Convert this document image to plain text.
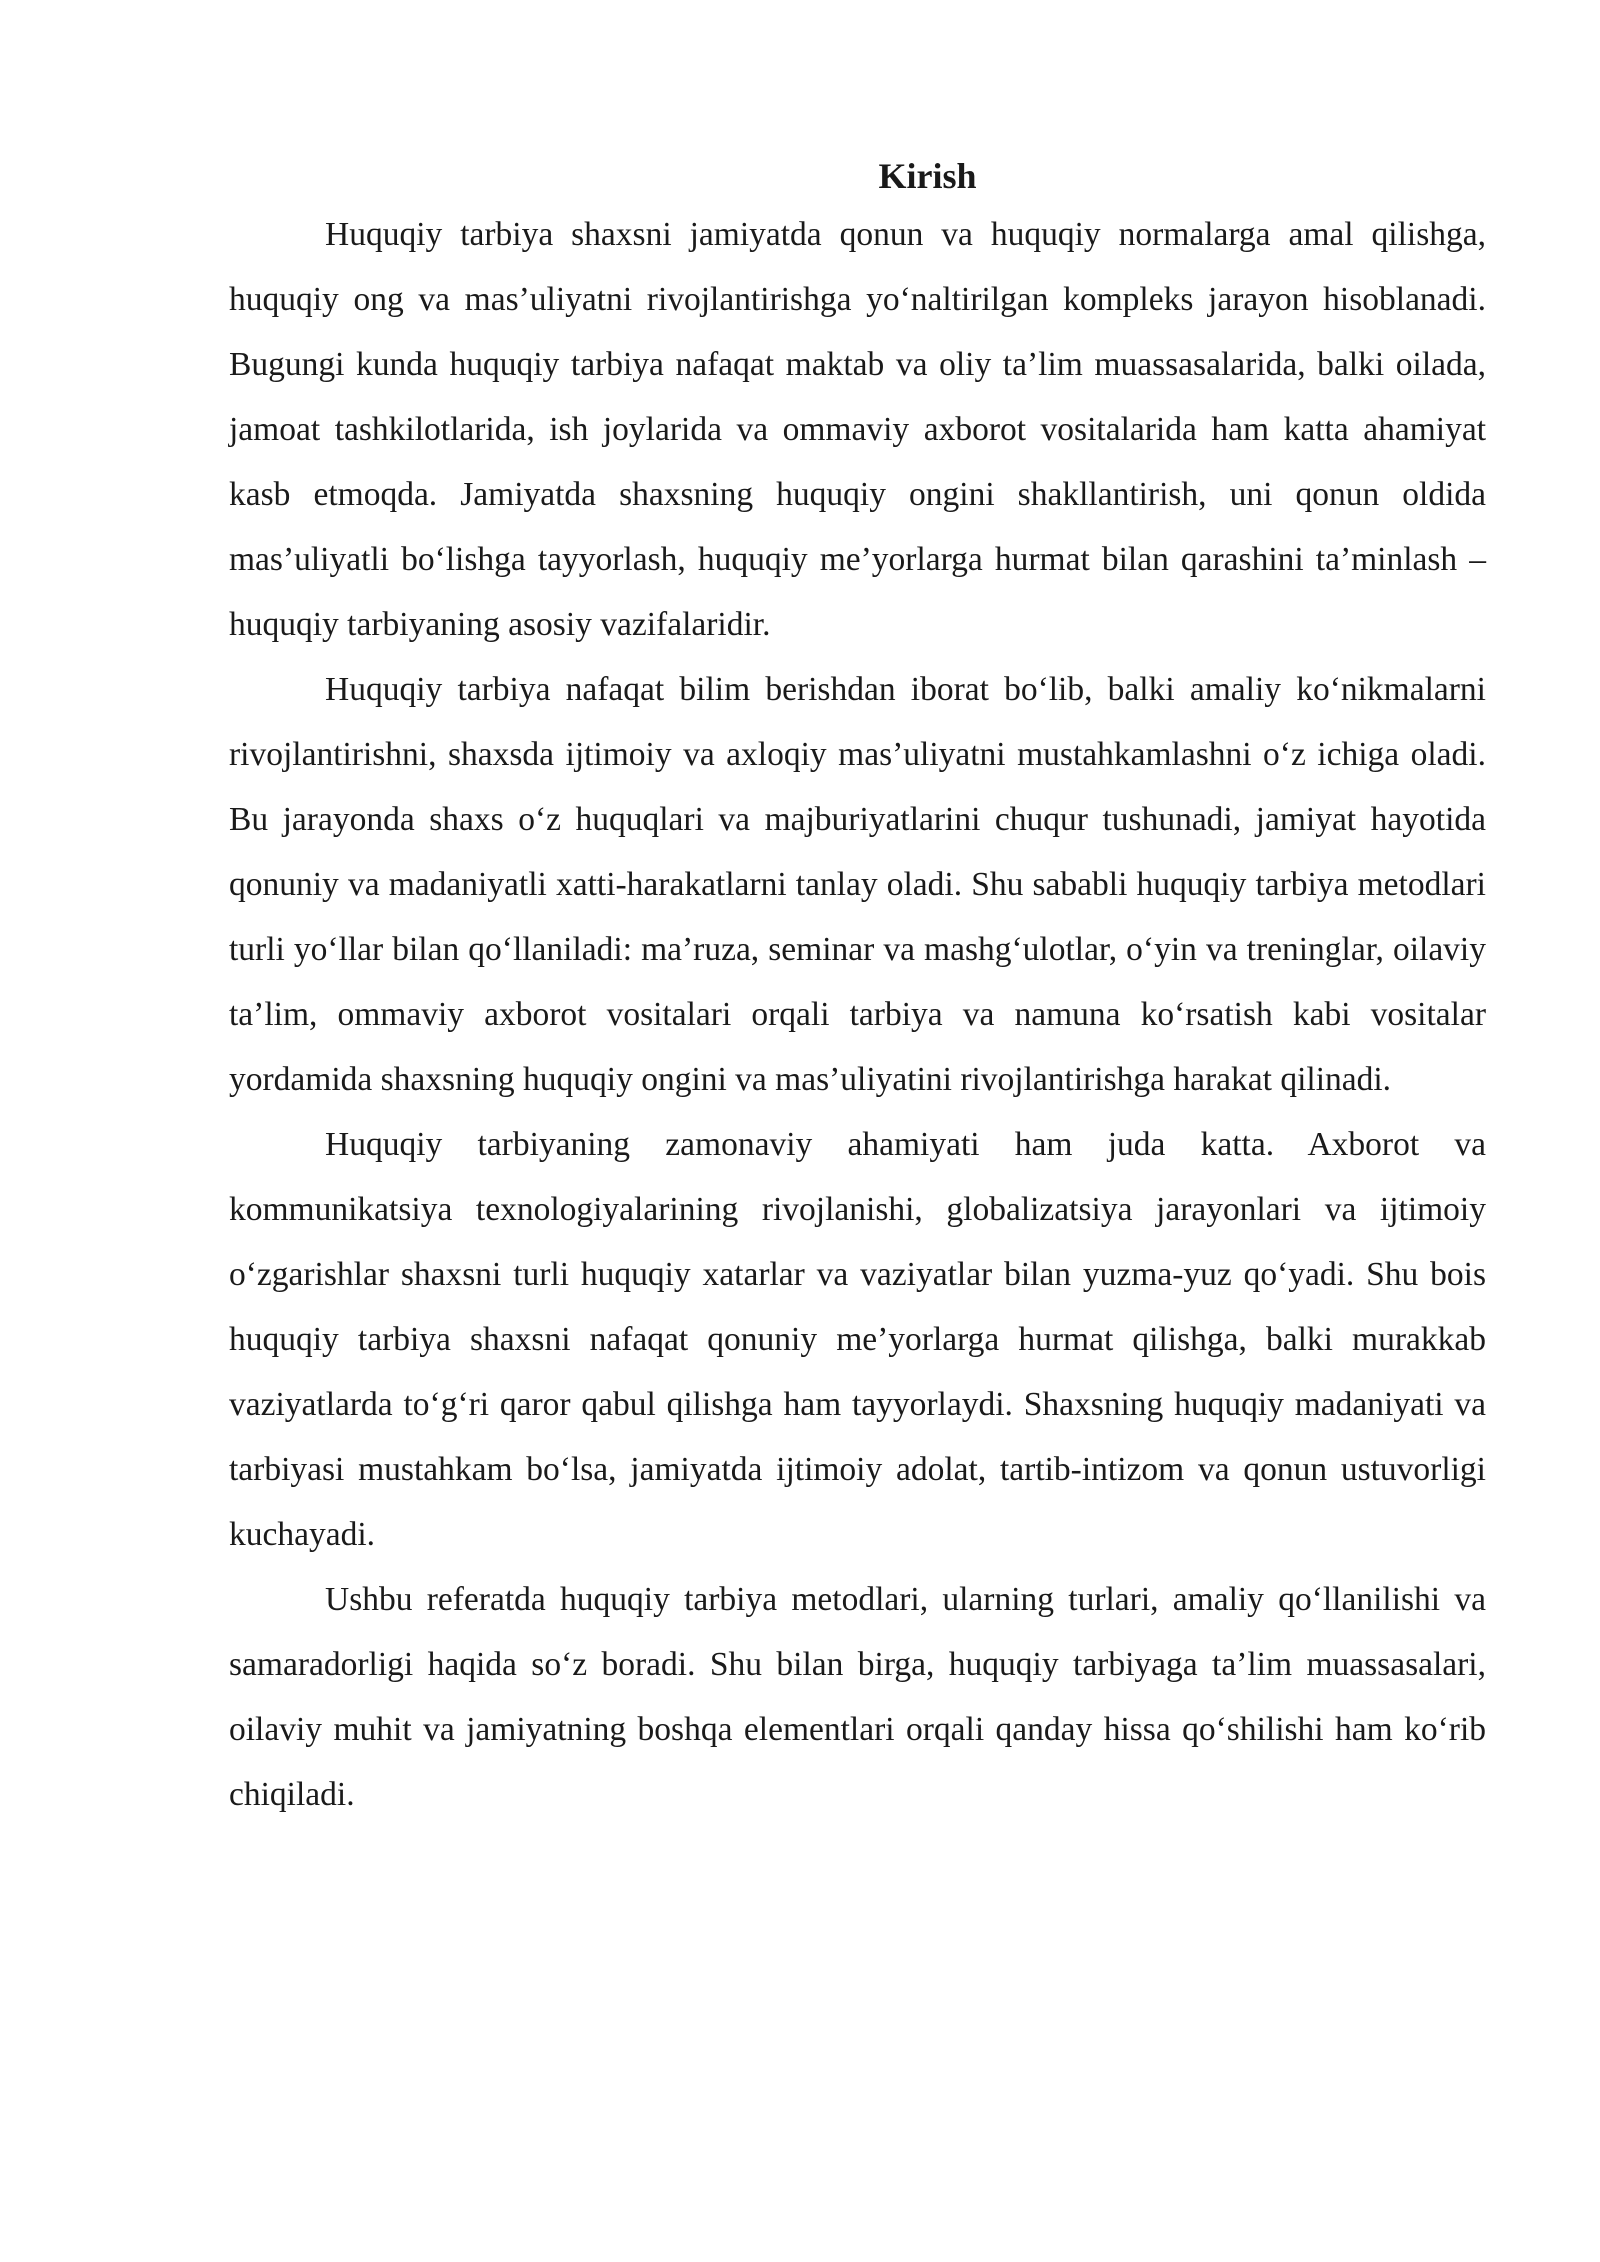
Kirish

Huquqiy tarbiya shaxsni jamiyatda qonun va huquqiy normalarga amal qilishga, huquqiy ong va mas’uliyatni rivojlantirishga yo‘naltirilgan kompleks jarayon hisoblanadi. Bugungi kunda huquqiy tarbiya nafaqat maktab va oliy ta’lim muassasalarida, balki oilada, jamoat tashkilotlarida, ish joylarida va ommaviy axborot vositalarida ham katta ahamiyat kasb etmoqda. Jamiyatda shaxsning huquqiy ongini shakllantirish, uni qonun oldida mas’uliyatli bo‘lishga tayyorlash, huquqiy me’yorlarga hurmat bilan qarashini ta’minlash – huquqiy tarbiyaning asosiy vazifalaridir.

Huquqiy tarbiya nafaqat bilim berishdan iborat bo‘lib, balki amaliy ko‘nikmalarni rivojlantirishni, shaxsda ijtimoiy va axloqiy mas’uliyatni mustahkamlashni o‘z ichiga oladi. Bu jarayonda shaxs o‘z huquqlari va majburiyatlarini chuqur tushunadi, jamiyat hayotida qonuniy va madaniyatli xatti-harakatlarni tanlay oladi. Shu sababli huquqiy tarbiya metodlari turli yo‘llar bilan qo‘llaniladi: ma’ruza, seminar va mashg‘ulotlar, o‘yin va treninglar, oilaviy ta’lim, ommaviy axborot vositalari orqali tarbiya va namuna ko‘rsatish kabi vositalar yordamida shaxsning huquqiy ongini va mas’uliyatini rivojlantirishga harakat qilinadi.

Huquqiy tarbiyaning zamonaviy ahamiyati ham juda katta. Axborot va kommunikatsiya texnologiyalarining rivojlanishi, globalizatsiya jarayonlari va ijtimoiy o‘zgarishlar shaxsni turli huquqiy xatarlar va vaziyatlar bilan yuzma-yuz qo‘yadi. Shu bois huquqiy tarbiya shaxsni nafaqat qonuniy me’yorlarga hurmat qilishga, balki murakkab vaziyatlarda to‘g‘ri qaror qabul qilishga ham tayyorlaydi. Shaxsning huquqiy madaniyati va tarbiyasi mustahkam bo‘lsa, jamiyatda ijtimoiy adolat, tartib-intizom va qonun ustuvorligi kuchayadi.

Ushbu referatda huquqiy tarbiya metodlari, ularning turlari, amaliy qo‘llanilishi va samaradorligi haqida so‘z boradi. Shu bilan birga, huquqiy tarbiyaga ta’lim muassasalari, oilaviy muhit va jamiyatning boshqa elementlari orqali qanday hissa qo‘shilishi ham ko‘rib chiqiladi.
